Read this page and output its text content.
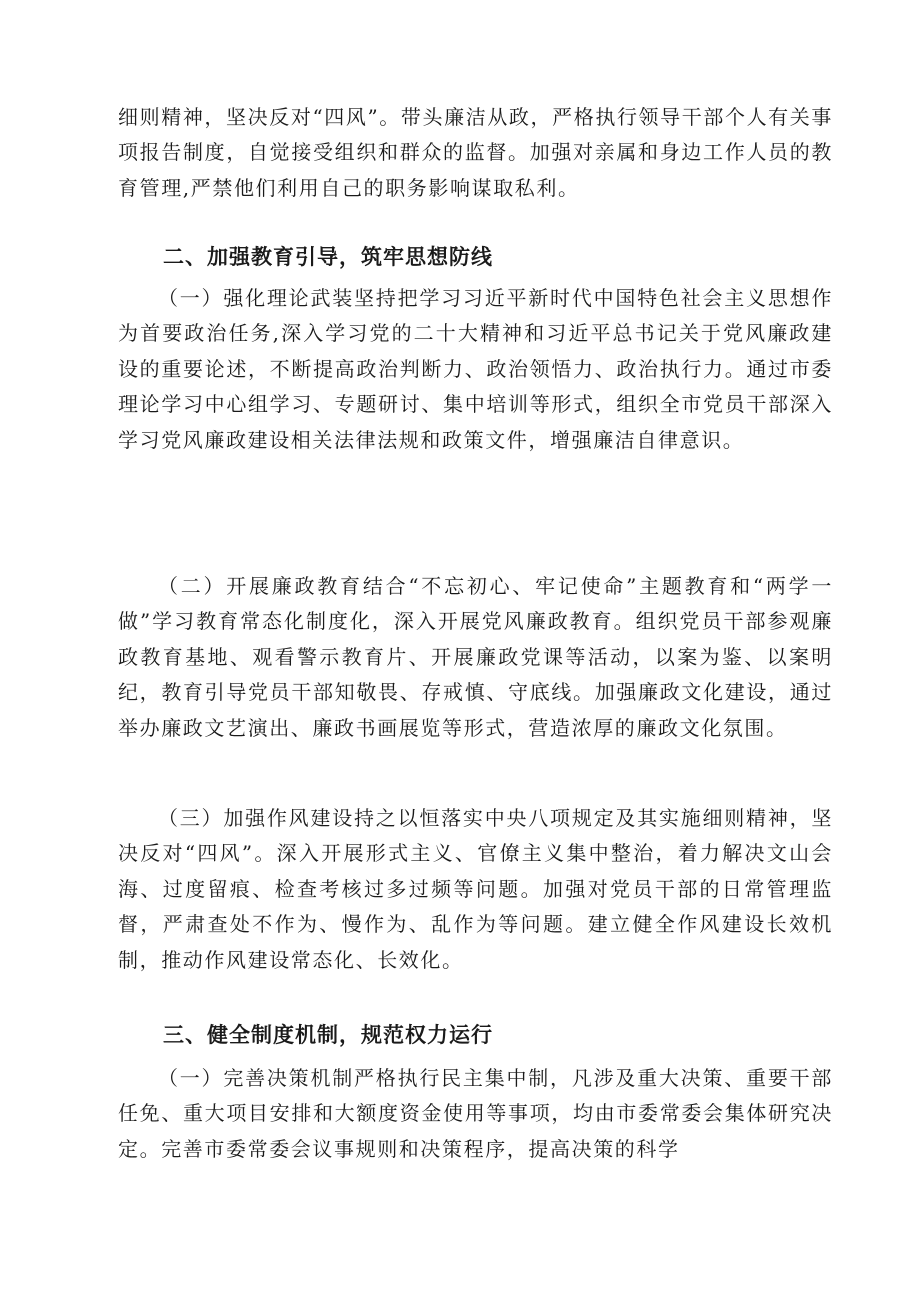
细则精神，坚决反对“四风”。带头廉洁从政，严格执行领导干部个人有关事项报告制度，自觉接受组织和群众的监督。加强对亲属和身边工作人员的教育管理,严禁他们利用自己的职务影响谋取私利。

二、加强教育引导，筑牢思想防线

（一）强化理论武装坚持把学习习近平新时代中国特色社会主义思想作为首要政治任务,深入学习党的二十大精神和习近平总书记关于党风廉政建设的重要论述，不断提高政治判断力、政治领悟力、政治执行力。通过市委理论学习中心组学习、专题研讨、集中培训等形式，组织全市党员干部深入学习党风廉政建设相关法律法规和政策文件，增强廉洁自律意识。

（二）开展廉政教育结合“不忘初心、牢记使命”主题教育和“两学一做”学习教育常态化制度化，深入开展党风廉政教育。组织党员干部参观廉政教育基地、观看警示教育片、开展廉政党课等活动，以案为鉴、以案明纪，教育引导党员干部知敬畏、存戒慎、守底线。加强廉政文化建设，通过举办廉政文艺演出、廉政书画展览等形式，营造浓厚的廉政文化氛围。

（三）加强作风建设持之以恒落实中央八项规定及其实施细则精神，坚决反对“四风”。深入开展形式主义、官僚主义集中整治，着力解决文山会海、过度留痕、检查考核过多过频等问题。加强对党员干部的日常管理监督，严肃查处不作为、慢作为、乱作为等问题。建立健全作风建设长效机制，推动作风建设常态化、长效化。

三、健全制度机制，规范权力运行

（一）完善决策机制严格执行民主集中制，凡涉及重大决策、重要干部任免、重大项目安排和大额度资金使用等事项，均由市委常委会集体研究决定。完善市委常委会议事规则和决策程序，提高决策的科学
